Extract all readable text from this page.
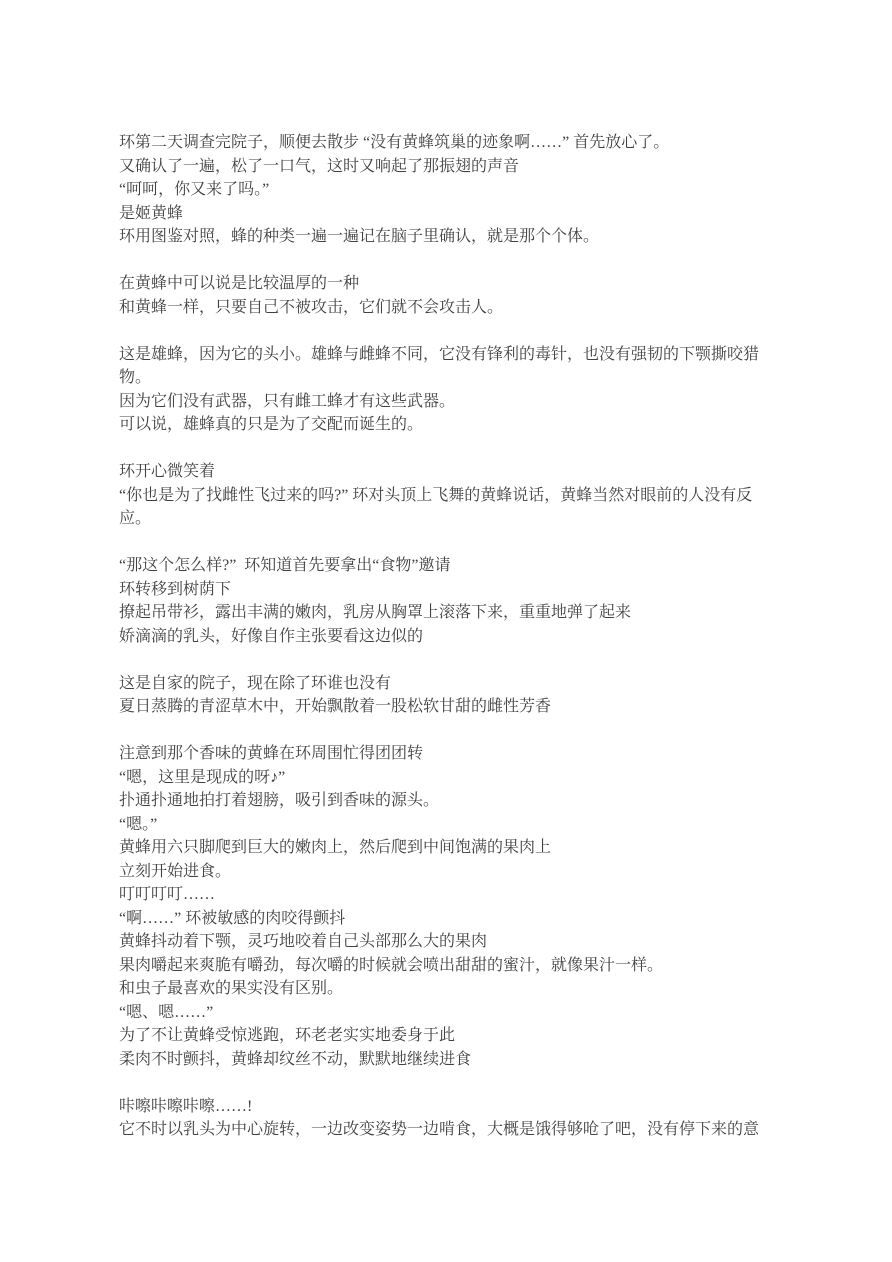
环第二天调查完院子，顺便去散步 “没有黄蜂筑巢的迹象啊……” 首先放心了。
又确认了一遍，松了一口气，这时又响起了那振翅的声音
“呵呵，你又来了吗。”
是姬黄蜂
环用图鉴对照，蜂的种类一遍一遍记在脑子里确认，就是那个个体。
在黄蜂中可以说是比较温厚的一种
和黄蜂一样，只要自己不被攻击，它们就不会攻击人。
这是雄蜂，因为它的头小。雄蜂与雌蜂不同，它没有锋利的毒针，也没有强韧的下颚撕咬猎物。
因为它们没有武器，只有雌工蜂才有这些武器。
可以说，雄蜂真的只是为了交配而诞生的。
环开心微笑着
“你也是为了找雌性飞过来的吗?” 环对头顶上飞舞的黄蜂说话，黄蜂当然对眼前的人没有反应。
“那这个怎么样?”  环知道首先要拿出“食物”邀请
环转移到树荫下
撩起吊带衫，露出丰满的嫩肉，乳房从胸罩上滚落下来，重重地弹了起来
娇滴滴的乳头，好像自作主张要看这边似的
这是自家的院子，现在除了环谁也没有
夏日蒸腾的青涩草木中，开始飘散着一股松软甘甜的雌性芳香
注意到那个香味的黄蜂在环周围忙得团团转
“嗯，这里是现成的呀♪”
扑通扑通地拍打着翅膀，吸引到香味的源头。
“嗯。”
黄蜂用六只脚爬到巨大的嫩肉上，然后爬到中间饱满的果肉上
立刻开始进食。
叮叮叮叮……
“啊……” 环被敏感的肉咬得颤抖
黄蜂抖动着下颚，灵巧地咬着自己头部那么大的果肉
果肉嚼起来爽脆有嚼劲，每次嚼的时候就会喷出甜甜的蜜汁，就像果汁一样。
和虫子最喜欢的果实没有区别。
“嗯、嗯……”
为了不让黄蜂受惊逃跑，环老老实实地委身于此
柔肉不时颤抖，黄蜂却纹丝不动，默默地继续进食
咔嚓咔嚓咔嚓……!
它不时以乳头为中心旋转，一边改变姿势一边啃食，大概是饿得够呛了吧，没有停下来的意
